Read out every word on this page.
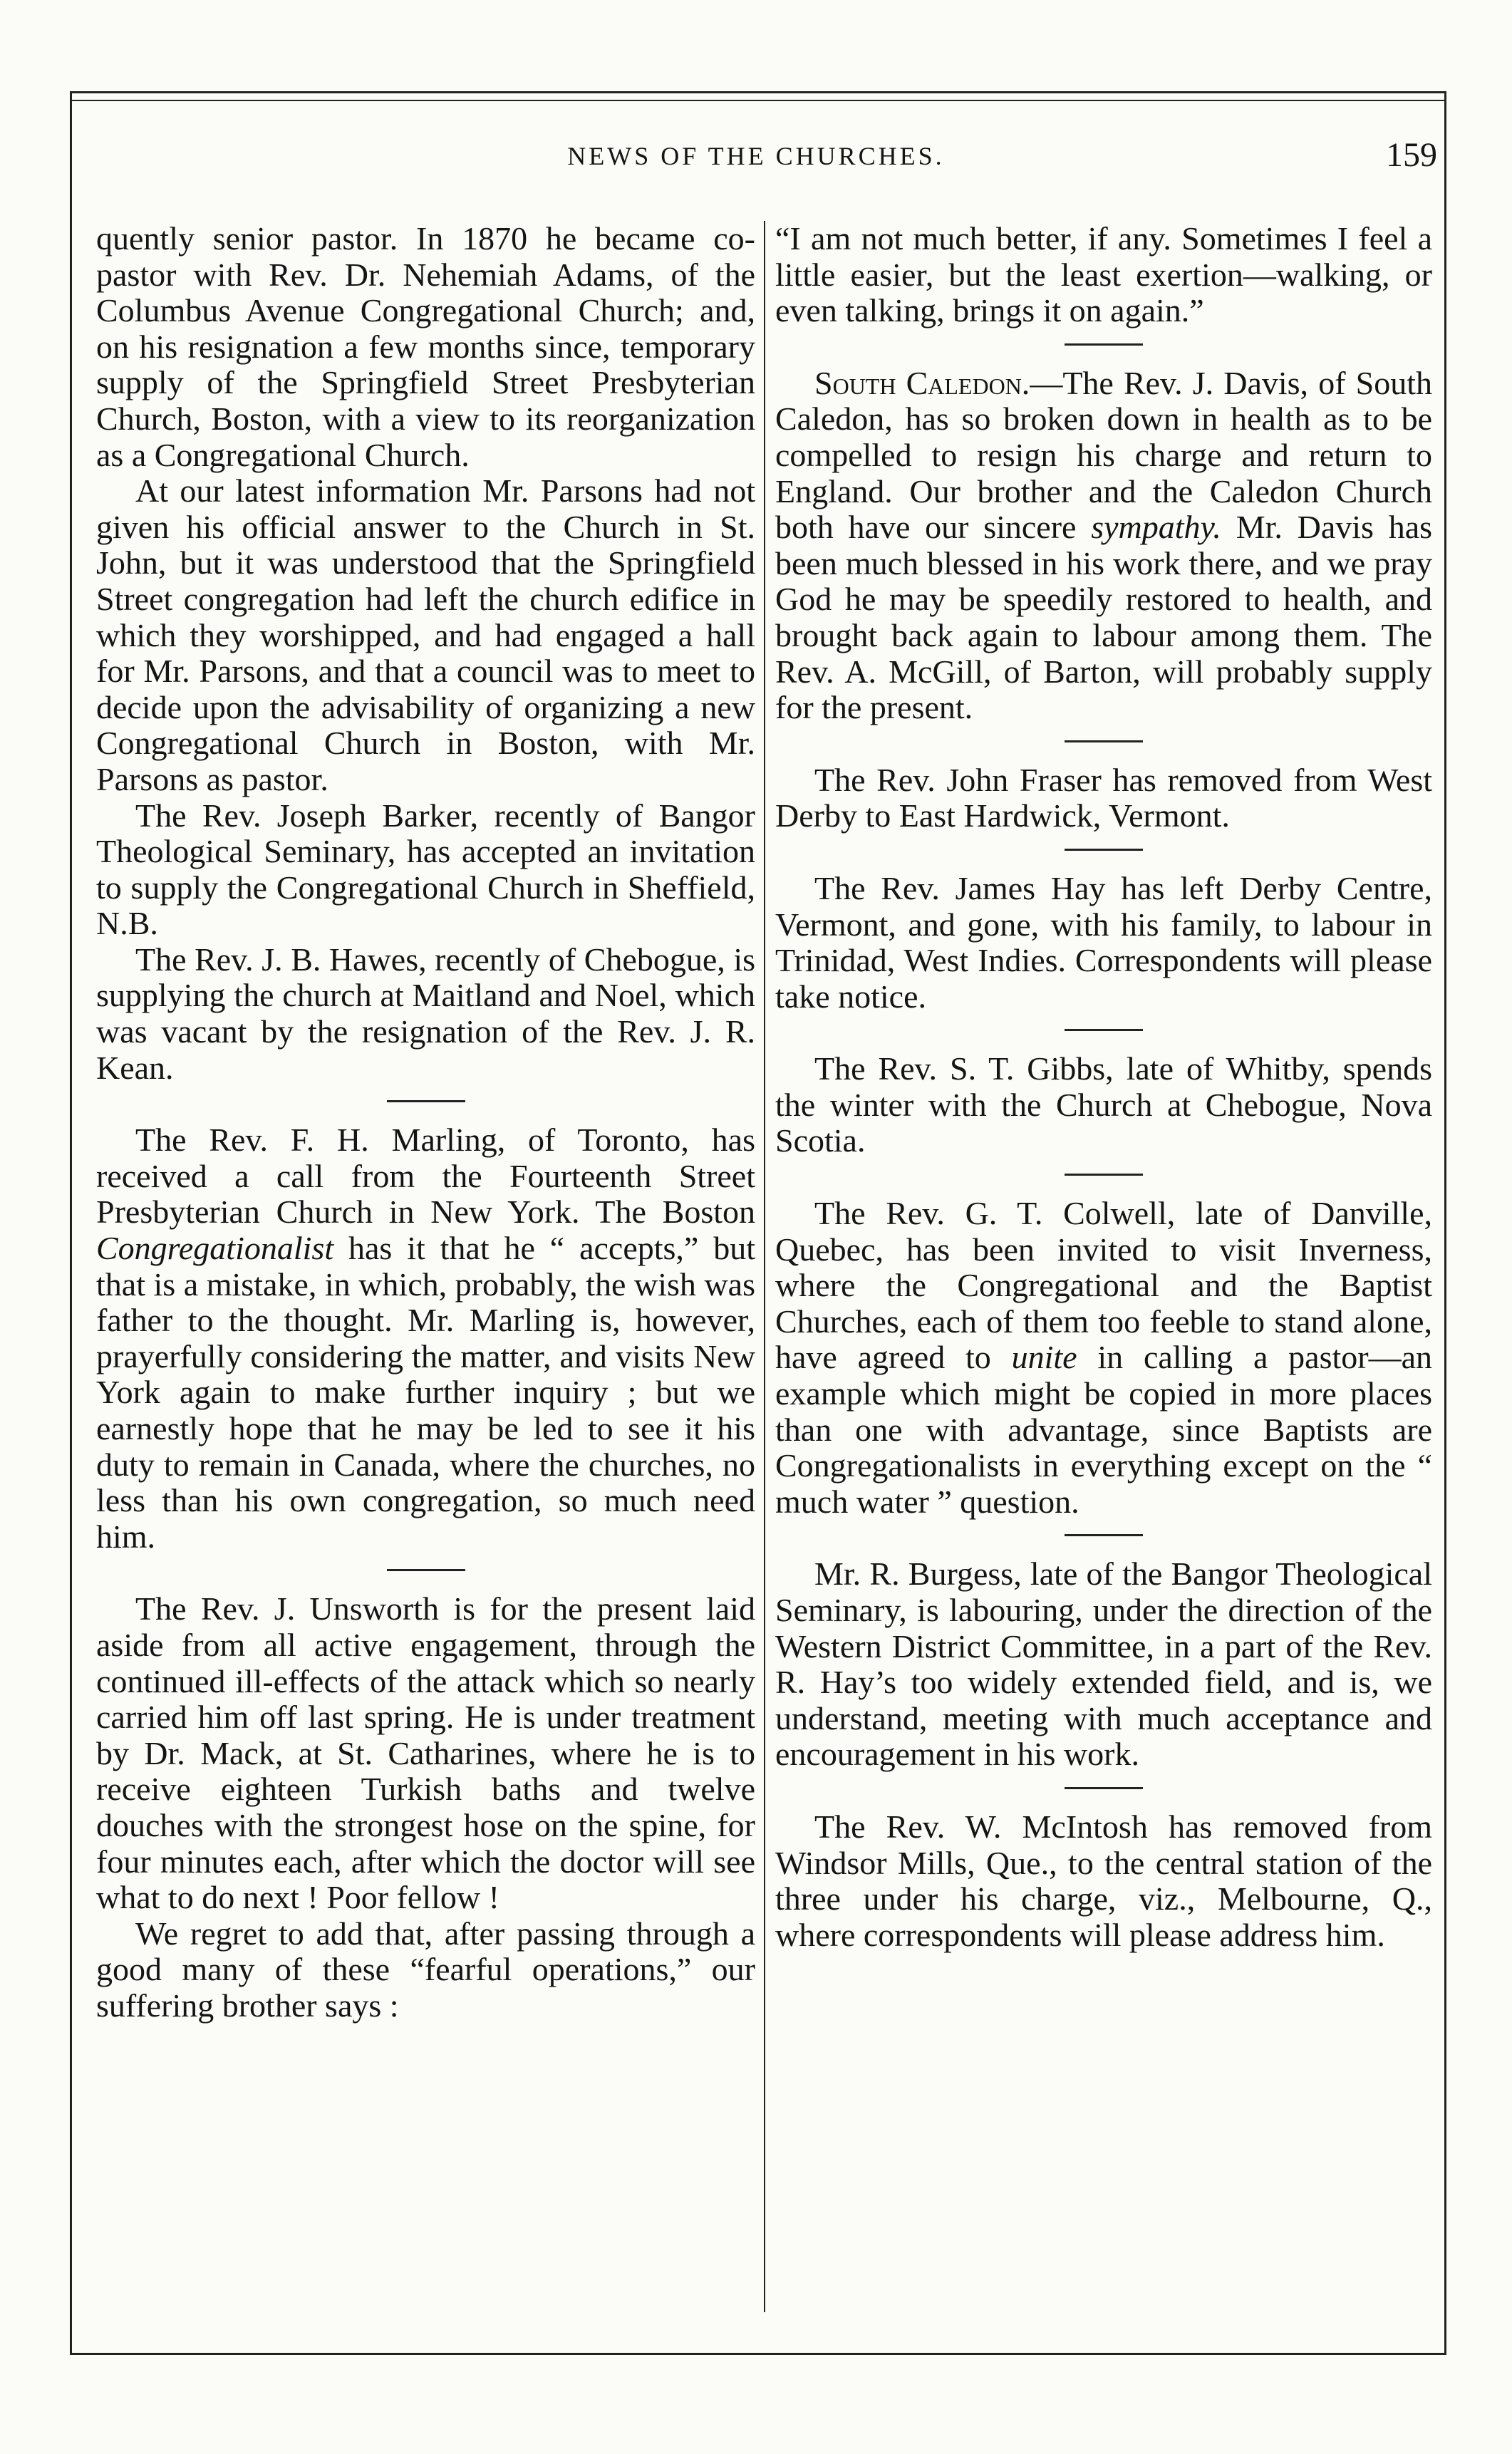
NEWS OF THE CHURCHES.	159

quently senior pastor. In 1870 he became co-pastor with Rev. Dr. Nehemiah Adams, of the Columbus Avenue Congregational Church; and, on his resignation a few months since, temporary supply of the Springfield Street Presbyterian Church, Boston, with a view to its reorganization as a Congregational Church.

At our latest information Mr. Parsons had not given his official answer to the Church in St. John, but it was understood that the Springfield Street congregation had left the church edifice in which they worshipped, and had engaged a hall for Mr. Parsons, and that a council was to meet to decide upon the advisability of organizing a new Congregational Church in Boston, with Mr. Parsons as pastor.

The Rev. Joseph Barker, recently of Bangor Theological Seminary, has accepted an invitation to supply the Congregational Church in Sheffield, N.B.

The Rev. J. B. Hawes, recently of Chebogue, is supplying the church at Maitland and Noel, which was vacant by the resignation of the Rev. J. R. Kean.

The Rev. F. H. Marling, of Toronto, has received a call from the Fourteenth Street Presbyterian Church in New York. The Boston Congregationalist has it that he “ accepts,” but that is a mistake, in which, probably, the wish was father to the thought. Mr. Marling is, however, prayerfully considering the matter, and visits New York again to make further inquiry ; but we earnestly hope that he may be led to see it his duty to remain in Canada, where the churches, no less than his own congregation, so much need him.

The Rev. J. Unsworth is for the present laid aside from all active engagement, through the continued ill-effects of the attack which so nearly carried him off last spring. He is under treatment by Dr. Mack, at St. Catharines, where he is to receive eighteen Turkish baths and twelve douches with the strongest hose on the spine, for four minutes each, after which the doctor will see what to do next ! Poor fellow !

We regret to add that, after passing through a good many of these “fearful operations,” our suffering brother says :

“I am not much better, if any. Sometimes I feel a little easier, but the least exertion—walking, or even talking, brings it on again.”

South Caledon.—The Rev. J. Davis, of South Caledon, has so broken down in health as to be compelled to resign his charge and return to England. Our brother and the Caledon Church both have our sincere sympathy. Mr. Davis has been much blessed in his work there, and we pray God he may be speedily restored to health, and brought back again to labour among them. The Rev. A. McGill, of Barton, will probably supply for the present.

The Rev. John Fraser has removed from West Derby to East Hardwick, Vermont.

The Rev. James Hay has left Derby Centre, Vermont, and gone, with his family, to labour in Trinidad, West Indies. Correspondents will please take notice.

The Rev. S. T. Gibbs, late of Whitby, spends the winter with the Church at Chebogue, Nova Scotia.

The Rev. G. T. Colwell, late of Danville, Quebec, has been invited to visit Inverness, where the Congregational and the Baptist Churches, each of them too feeble to stand alone, have agreed to unite in calling a pastor—an example which might be copied in more places than one with advantage, since Baptists are Congregationalists in everything except on the “ much water ” question.

Mr. R. Burgess, late of the Bangor Theological Seminary, is labouring, under the direction of the Western District Committee, in a part of the Rev. R. Hay’s too widely extended field, and is, we understand, meeting with much acceptance and encouragement in his work.

The Rev. W. McIntosh has removed from Windsor Mills, Que., to the central station of the three under his charge, viz., Melbourne, Q., where correspondents will please address him.
